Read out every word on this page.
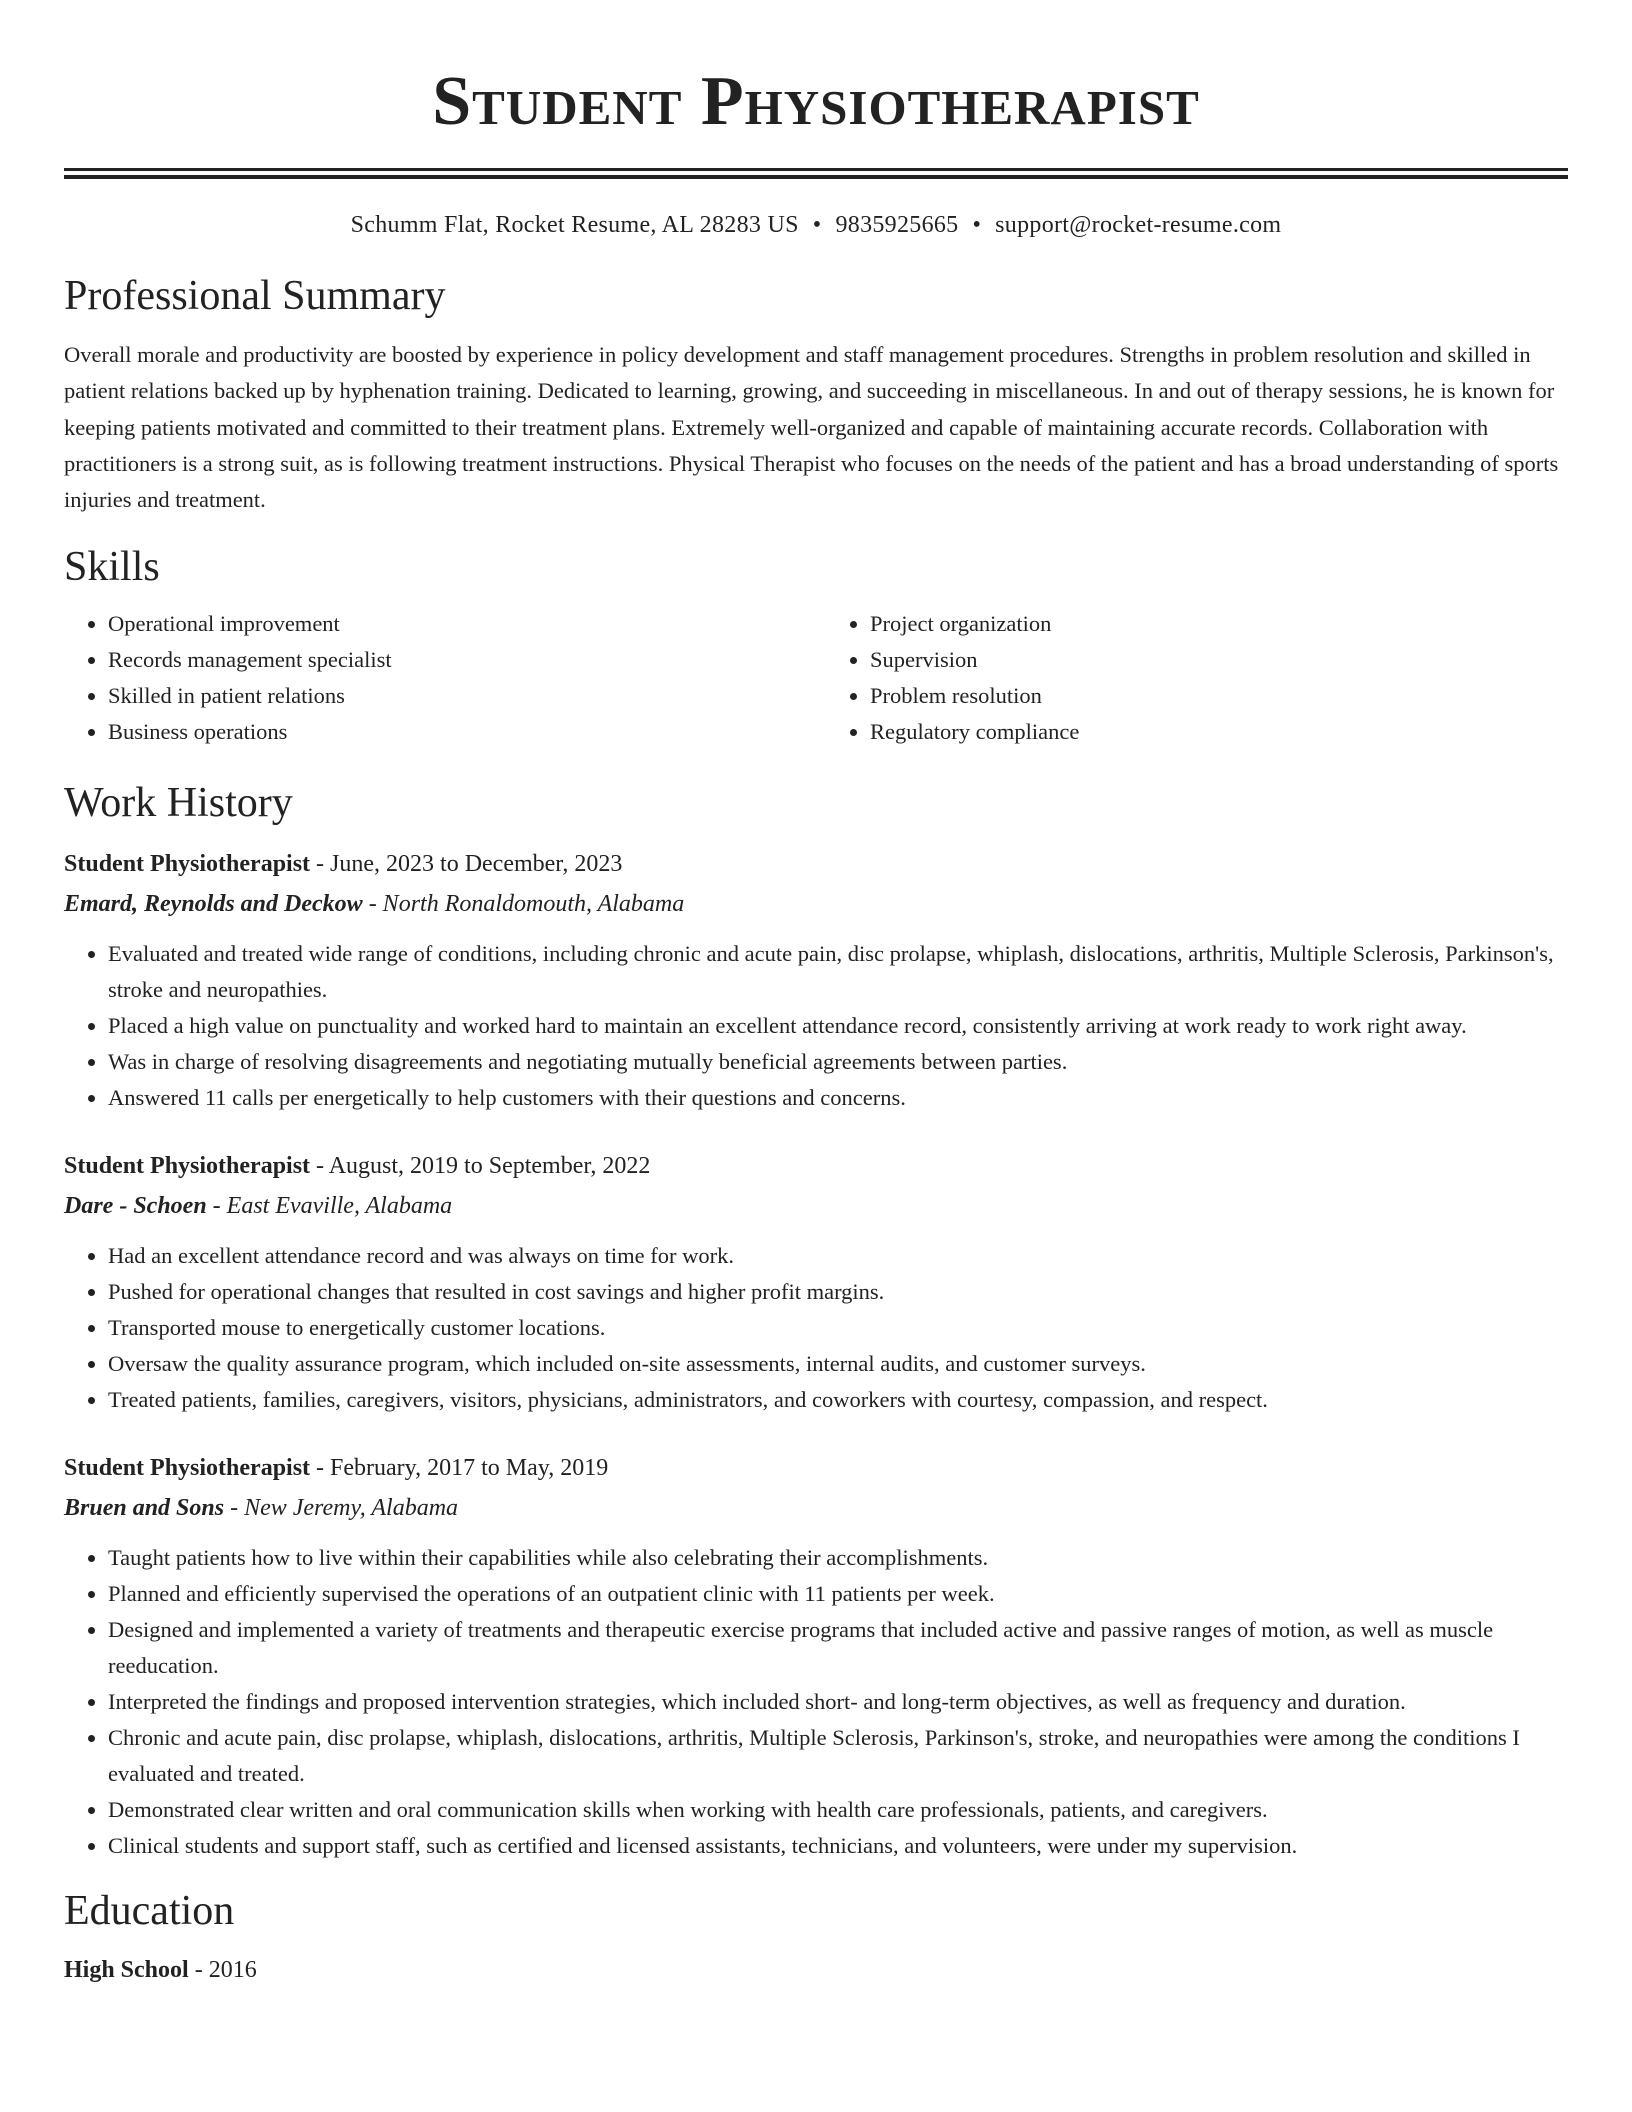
Student Physiotherapist
Schumm Flat, Rocket Resume, AL 28283 US • 9835925665 • support@rocket-resume.com
Professional Summary

Overall morale and productivity are boosted by experience in policy development and staff management procedures. Strengths in problem resolution and skilled in patient relations backed up by hyphenation training. Dedicated to learning, growing, and succeeding in miscellaneous. In and out of therapy sessions, he is known for keeping patients motivated and committed to their treatment plans. Extremely well-organized and capable of maintaining accurate records. Collaboration with practitioners is a strong suit, as is following treatment instructions. Physical Therapist who focuses on the needs of the patient and has a broad understanding of sports injuries and treatment.

Skills
• Operational improvement
• Records management specialist
• Skilled in patient relations
• Business operations
• Project organization
• Supervision
• Problem resolution
• Regulatory compliance
Work History
Student Physiotherapist - June, 2023 to December, 2023
Emard, Reynolds and Deckow - North Ronaldomouth, Alabama
• Evaluated and treated wide range of conditions, including chronic and acute pain, disc prolapse, whiplash, dislocations, arthritis, Multiple Sclerosis, Parkinson's, stroke and neuropathies.
• Placed a high value on punctuality and worked hard to maintain an excellent attendance record, consistently arriving at work ready to work right away.
• Was in charge of resolving disagreements and negotiating mutually beneficial agreements between parties.
• Answered 11 calls per energetically to help customers with their questions and concerns.
Student Physiotherapist - August, 2019 to September, 2022
Dare - Schoen - East Evaville, Alabama
• Had an excellent attendance record and was always on time for work.
• Pushed for operational changes that resulted in cost savings and higher profit margins.
• Transported mouse to energetically customer locations.
• Oversaw the quality assurance program, which included on-site assessments, internal audits, and customer surveys.
• Treated patients, families, caregivers, visitors, physicians, administrators, and coworkers with courtesy, compassion, and respect.
Student Physiotherapist - February, 2017 to May, 2019
Bruen and Sons - New Jeremy, Alabama
• Taught patients how to live within their capabilities while also celebrating their accomplishments.
• Planned and efficiently supervised the operations of an outpatient clinic with 11 patients per week.
• Designed and implemented a variety of treatments and therapeutic exercise programs that included active and passive ranges of motion, as well as muscle reeducation.
• Interpreted the findings and proposed intervention strategies, which included short- and long-term objectives, as well as frequency and duration.
• Chronic and acute pain, disc prolapse, whiplash, dislocations, arthritis, Multiple Sclerosis, Parkinson's, stroke, and neuropathies were among the conditions I evaluated and treated.
• Demonstrated clear written and oral communication skills when working with health care professionals, patients, and caregivers.
• Clinical students and support staff, such as certified and licensed assistants, technicians, and volunteers, were under my supervision.
Education
High School - 2016
